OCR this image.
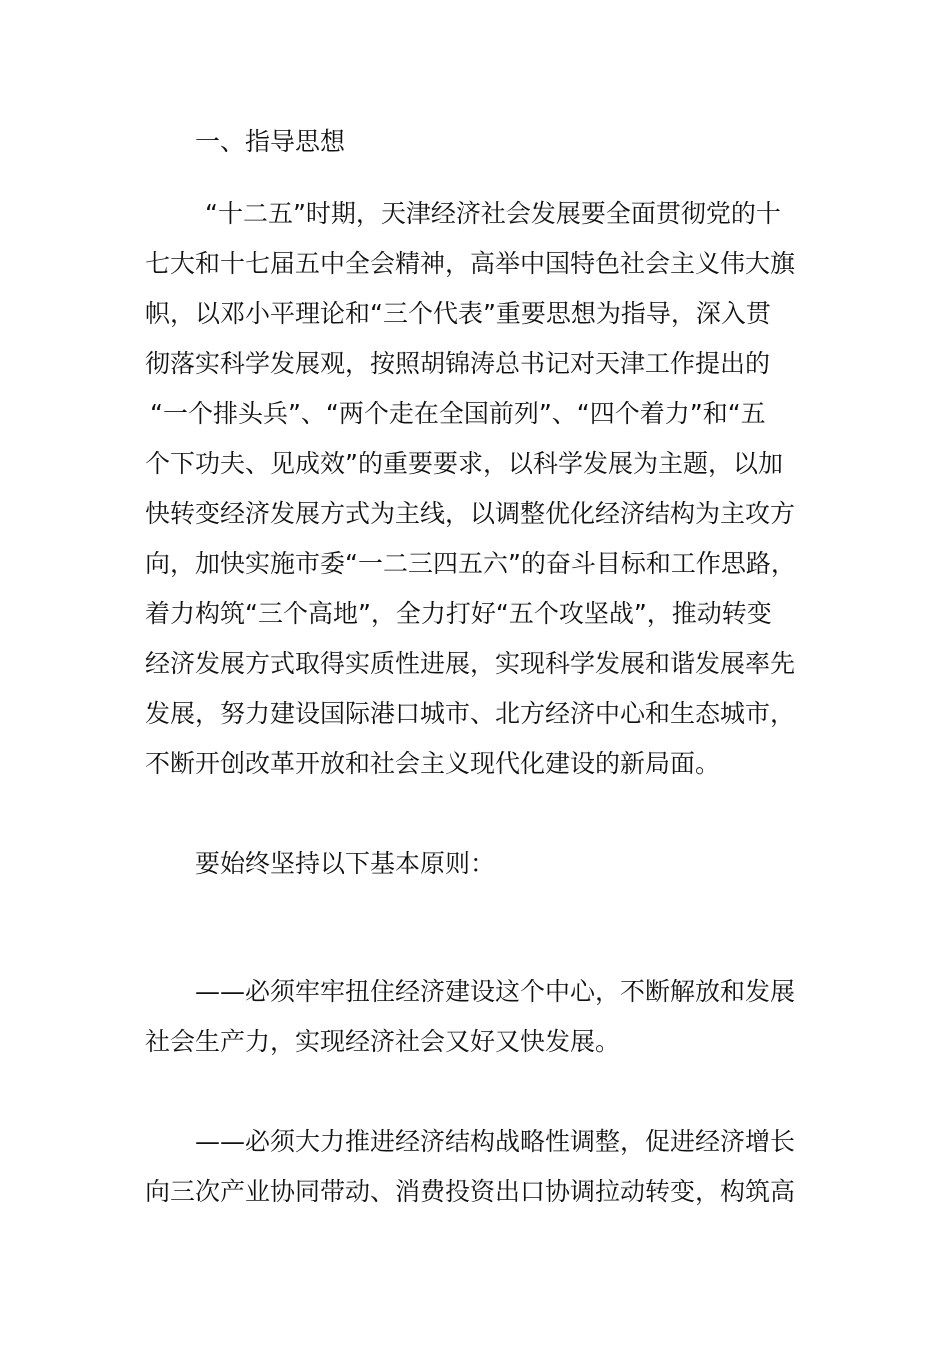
一、指导思想
“十二五”时期，天津经济社会发展要全面贯彻党的十
七大和十七届五中全会精神，高举中国特色社会主义伟大旗
帜，以邓小平理论和“三个代表”重要思想为指导，深入贯
彻落实科学发展观，按照胡锦涛总书记对天津工作提出的
“一个排头兵”、“两个走在全国前列”、“四个着力”和“五
个下功夫、见成效”的重要要求，以科学发展为主题，以加
快转变经济发展方式为主线，以调整优化经济结构为主攻方
向，加快实施市委“一二三四五六”的奋斗目标和工作思路，
着力构筑“三个高地”，全力打好“五个攻坚战”，推动转变
经济发展方式取得实质性进展，实现科学发展和谐发展率先
发展，努力建设国际港口城市、北方经济中心和生态城市，
不断开创改革开放和社会主义现代化建设的新局面。
要始终坚持以下基本原则：
——必须牢牢扭住经济建设这个中心，不断解放和发展
社会生产力，实现经济社会又好又快发展。
——必须大力推进经济结构战略性调整，促进经济增长
向三次产业协同带动、消费投资出口协调拉动转变，构筑高
